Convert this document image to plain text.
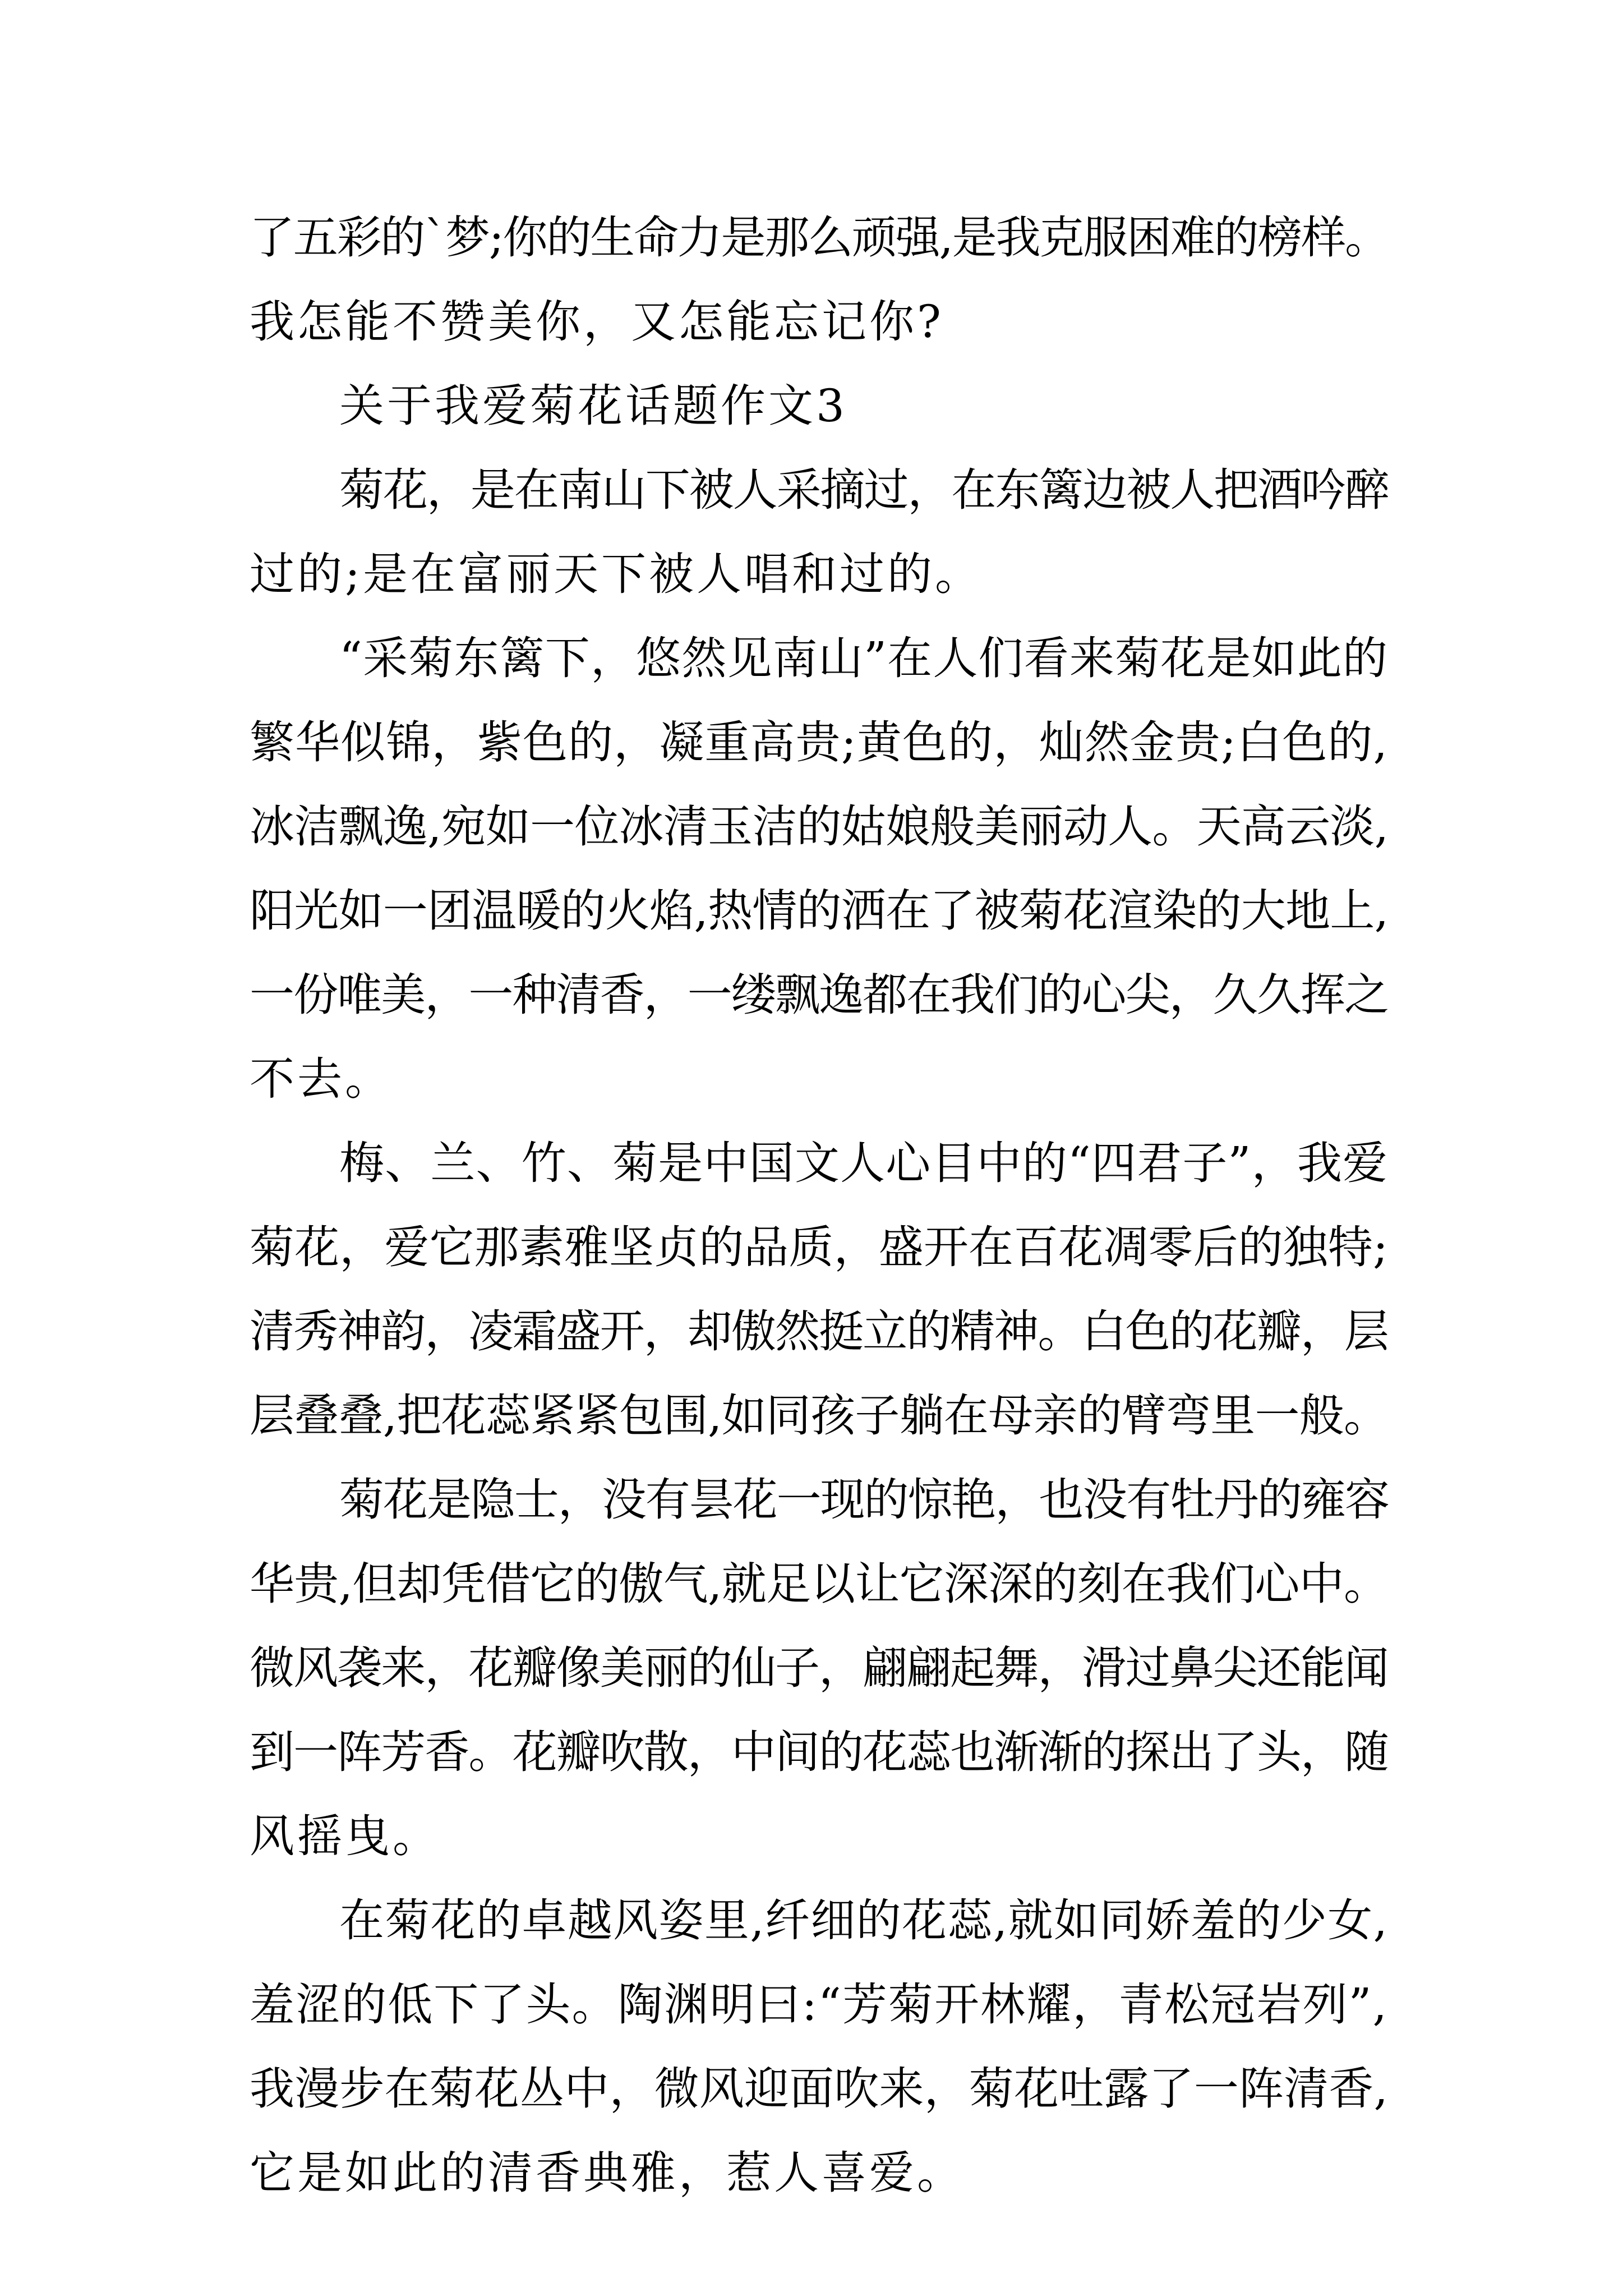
了五彩的`梦;你的生命力是那么顽强,是我克服困难的榜样。
我怎能不赞美你，又怎能忘记你?
关于我爱菊花话题作文3
菊花，是在南山下被人采摘过，在东篱边被人把酒吟醉
过的;是在富丽天下被人唱和过的。
“采菊东篱下，悠然见南山”在人们看来菊花是如此的
繁华似锦，紫色的，凝重高贵;黄色的，灿然金贵;白色的,
冰洁飘逸,宛如一位冰清玉洁的姑娘般美丽动人。天高云淡,
阳光如一团温暖的火焰,热情的洒在了被菊花渲染的大地上,
一份唯美，一种清香，一缕飘逸都在我们的心尖，久久挥之
不去。
梅、兰、竹、菊是中国文人心目中的“四君子”，我爱
菊花，爱它那素雅坚贞的品质，盛开在百花凋零后的独特;
清秀神韵，凌霜盛开，却傲然挺立的精神。白色的花瓣，层
层叠叠,把花蕊紧紧包围,如同孩子躺在母亲的臂弯里一般。
菊花是隐士，没有昙花一现的惊艳，也没有牡丹的雍容
华贵,但却凭借它的傲气,就足以让它深深的刻在我们心中。
微风袭来，花瓣像美丽的仙子，翩翩起舞，滑过鼻尖还能闻
到一阵芳香。花瓣吹散，中间的花蕊也渐渐的探出了头，随
风摇曳。
在菊花的卓越风姿里,纤细的花蕊,就如同娇羞的少女,
羞涩的低下了头。陶渊明曰:“芳菊开林耀，青松冠岩列”,
我漫步在菊花丛中，微风迎面吹来，菊花吐露了一阵清香,
它是如此的清香典雅，惹人喜爱。
